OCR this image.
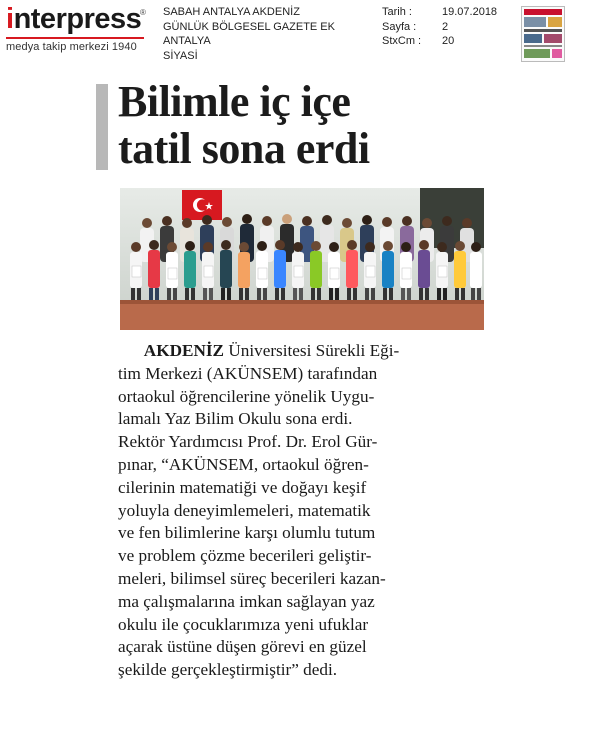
interpress
®
medya takip merkezi 1940
SABAH ANTALYA AKDENİZ
GÜNLÜK BÖLGESEL GAZETE EK
ANTALYA
SİYASİ
Tarih :	19.07.2018
Sayfa :	2
StxCm :	20
Bilimle iç içe
tatil sona erdi
  AKDENİZ Üniversitesi Sürekli Eği-
tim Merkezi (AKÜNSEM) tarafından
ortaokul öğrencilerine yönelik Uygu-
lamalı Yaz Bilim Okulu sona erdi.
Rektör Yardımcısı Prof. Dr. Erol Gür-
pınar, “AKÜNSEM, ortaokul öğren-
cilerinin matematiği ve doğayı keşif
yoluyla deneyimlemeleri, matematik
ve fen bilimlerine karşı olumlu tutum
ve problem çözme becerileri geliştir-
meleri, bilimsel süreç becerileri kazan-
ma çalışmalarına imkan sağlayan yaz
okulu ile çocuklarımıza yeni ufuklar
açarak üstüne düşen görevi en güzel
şekilde gerçekleştirmiştir” dedi.
